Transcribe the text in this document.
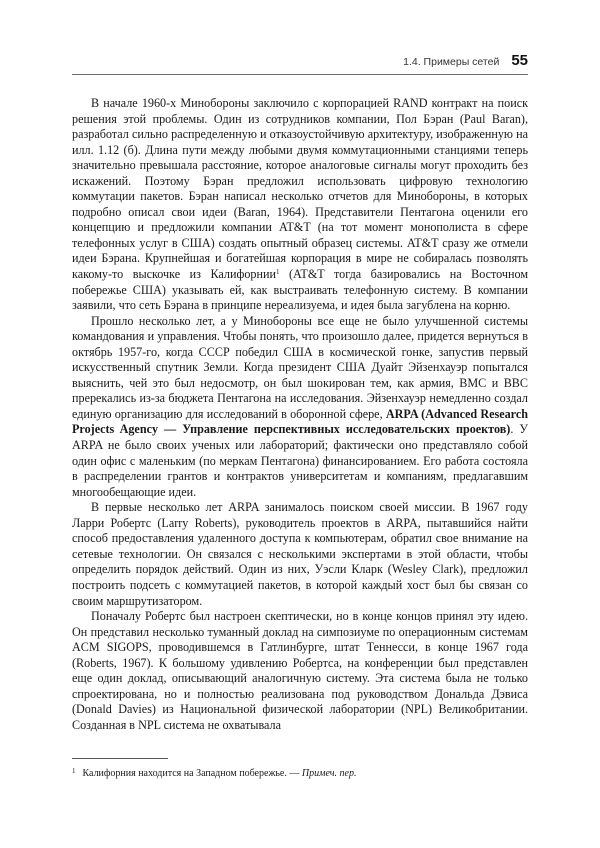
1.4. Примеры сетей 55

В начале 1960-х Минобороны заключило с корпорацией RAND контракт на поиск решения этой проблемы. Один из сотрудников компании, Пол Бэран (Paul Baran), разработал сильно распределенную и отказоустойчивую архитектуру, изображенную на илл. 1.12 (б). Длина пути между любыми двумя коммутационными станциями теперь значительно превышала расстояние, которое аналоговые сигналы могут проходить без искажений. Поэтому Бэран предложил использовать цифровую технологию коммутации пакетов. Бэран написал несколько отчетов для Минобороны, в которых подробно описал свои идеи (Baran, 1964). Представители Пентагона оценили его концепцию и предложили компании AT&T (на тот момент монополиста в сфере телефонных услуг в США) создать опытный образец системы. AT&T сразу же отмели идеи Бэрана. Крупнейшая и богатейшая корпорация в мире не собиралась позволять какому-то выскочке из Калифорнии$^1$ (AT&T тогда базировались на Восточном побережье США) указывать ей, как выстраивать телефонную систему. В компании заявили, что сеть Бэрана в принципе нереализуема, и идея была загублена на корню.

Прошло несколько лет, а у Минобороны все еще не было улучшенной системы командования и управления. Чтобы понять, что произошло далее, придется вернуться в октябрь 1957-го, когда СССР победил США в космической гонке, запустив первый искусственный спутник Земли. Когда президент США Дуайт Эйзенхауэр попытался выяснить, чей это был недосмотр, он был шокирован тем, как армия, ВМС и ВВС пререкались из-за бюджета Пентагона на исследования. Эйзенхауэр немедленно создал единую организацию для исследований в оборонной сфере, ARPA (Advanced Research Projects Agency — Управление перспективных исследовательских проектов). У ARPA не было своих ученых или лабораторий; фактически оно представляло собой один офис с маленьким (по меркам Пентагона) финансированием. Его работа состояла в распределении грантов и контрактов университетам и компаниям, предлагавшим многообещающие идеи.

В первые несколько лет ARPA занималось поиском своей миссии. В 1967 году Ларри Робертс (Larry Roberts), руководитель проектов в ARPA, пытавшийся найти способ предоставления удаленного доступа к компьютерам, обратил свое внимание на сетевые технологии. Он связался с несколькими экспертами в этой области, чтобы определить порядок действий. Один из них, Уэсли Кларк (Wesley Clark), предложил построить подсеть с коммутацией пакетов, в которой каждый хост был бы связан со своим маршрутизатором.

Поначалу Робертс был настроен скептически, но в конце концов принял эту идею. Он представил несколько туманный доклад на симпозиуме по операционным системам ACM SIGOPS, проводившемся в Гатлинбурге, штат Теннесси, в конце 1967 года (Roberts, 1967). К большому удивлению Робертса, на конференции был представлен еще один доклад, описывающий аналогичную систему. Эта система была не только спроектирована, но и полностью реализована под руководством Дональда Дэвиса (Donald Davies) из Национальной физической лаборатории (NPL) Великобритании. Созданная в NPL система не охватывала

$^1$ Калифорния находится на Западном побережье. — Примеч. пер.
